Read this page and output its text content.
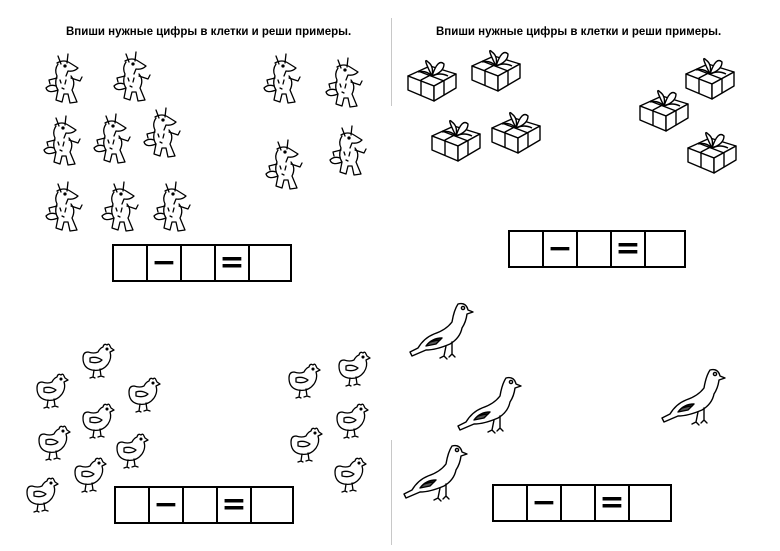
Впиши нужные цифры в клетки и реши примеры.	Впиши нужные цифры в клетки и реши примеры.
− =	− =
− =	− =
